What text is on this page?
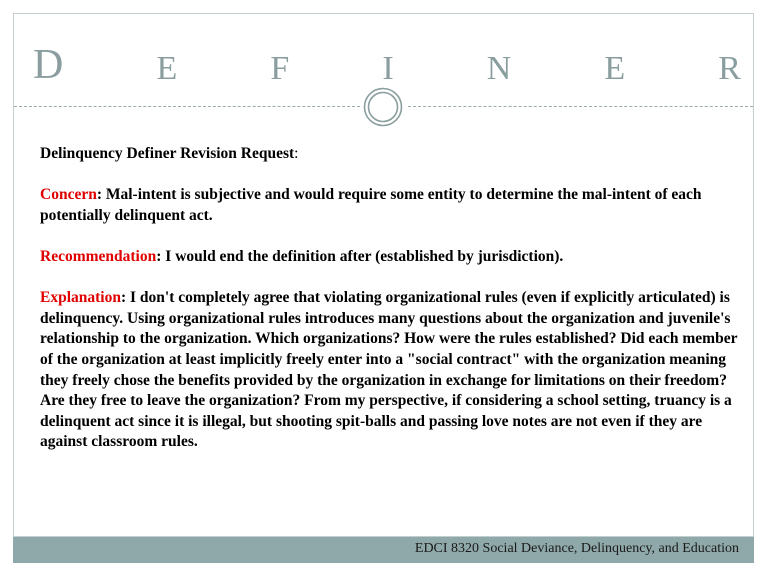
D	E	F	I	N	E	R

Delinquency Definer Revision Request:

Concern: Mal-intent is subjective and would require some entity to determine the mal-intent of each potentially delinquent act.

Recommendation: I would end the definition after (established by jurisdiction).

Explanation: I don't completely agree that violating organizational rules (even if explicitly articulated) is delinquency. Using organizational rules introduces many questions about the organization and juvenile's relationship to the organization. Which organizations? How were the rules established? Did each member of the organization at least implicitly freely enter into a "social contract" with the organization meaning they freely chose the benefits provided by the organization in exchange for limitations on their freedom? Are they free to leave the organization? From my perspective, if considering a school setting, truancy is a delinquent act since it is illegal, but shooting spit-balls and passing love notes are not even if they are against classroom rules.

EDCI 8320 Social Deviance, Delinquency, and Education
